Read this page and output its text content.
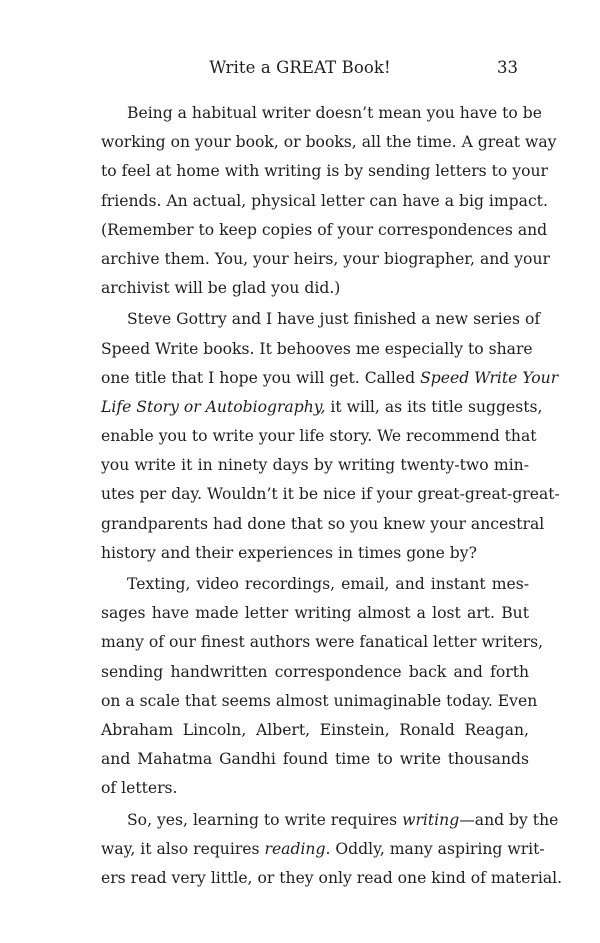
Write a GREAT Book!	33
Being a habitual writer doesn’t mean you have to be
working on your book, or books, all the time. A great way
to feel at home with writing is by sending letters to your
friends. An actual, physical letter can have a big impact.
(Remember to keep copies of your correspondences and
archive them. You, your heirs, your biographer, and your
archivist will be glad you did.)
Steve Gottry and I have just finished a new series of
Speed Write books. It behooves me especially to share
one title that I hope you will get. Called Speed Write Your
Life Story or Autobiography, it will, as its title suggests,
enable you to write your life story. We recommend that
you write it in ninety days by writing twenty-two min-
utes per day. Wouldn’t it be nice if your great-great-great-
grandparents had done that so you knew your ancestral
history and their experiences in times gone by?
Texting, video recordings, email, and instant mes-
sages have made letter writing almost a lost art. But
many of our finest authors were fanatical letter writers,
sending handwritten correspondence back and forth
on a scale that seems almost unimaginable today. Even
Abraham Lincoln, Albert, Einstein, Ronald Reagan,
and Mahatma Gandhi found time to write thousands
of letters.
So, yes, learning to write requires writing—and by the
way, it also requires reading. Oddly, many aspiring writ-
ers read very little, or they only read one kind of material.
